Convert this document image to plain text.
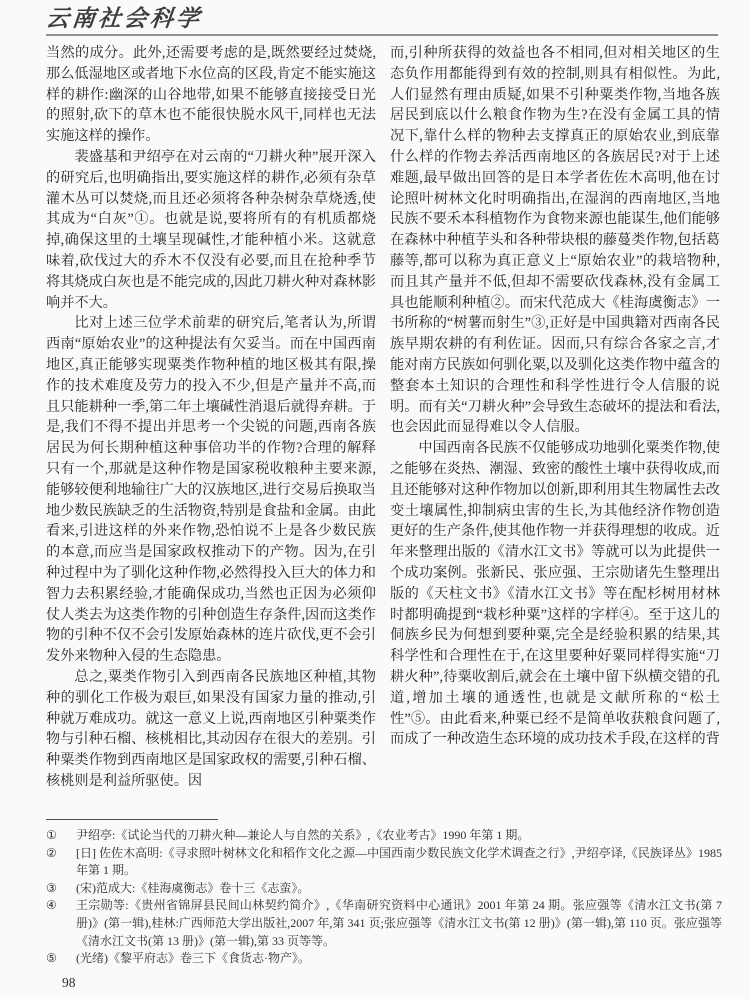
云南社会科学

当然的成分。此外,还需要考虑的是,既然要经过焚烧,那么低湿地区或者地下水位高的区段,肯定不能实施这样的耕作:幽深的山谷地带,如果不能够直接接受日光的照射,砍下的草木也不能很快脱水风干,同样也无法实施这样的操作。

裴盛基和尹绍亭在对云南的“刀耕火种”展开深入的研究后,也明确指出,要实施这样的耕作,必须有杂草灌木丛可以焚烧,而且还必须将各种杂树杂草烧透,使其成为“白灰”①。也就是说,要将所有的有机质都烧掉,确保这里的土壤呈现碱性,才能种植小米。这就意味着,砍伐过大的乔木不仅没有必要,而且在抢种季节将其烧成白灰也是不能完成的,因此刀耕火种对森林影响并不大。

比对上述三位学术前辈的研究后,笔者认为,所谓西南“原始农业”的这种提法有欠妥当。而在中国西南地区,真正能够实现粟类作物种植的地区极其有限,操作的技术难度及劳力的投入不少,但是产量并不高,而且只能耕种一季,第二年土壤碱性消退后就得弃耕。于是,我们不得不提出并思考一个尖锐的问题,西南各族居民为何长期种植这种事倍功半的作物?合理的解释只有一个,那就是这种作物是国家税收粮种主要来源,能够较便利地输往广大的汉族地区,进行交易后换取当地少数民族缺乏的生活物资,特别是食盐和金属。由此看来,引进这样的外来作物,恐怕说不上是各少数民族的本意,而应当是国家政权推动下的产物。因为,在引种过程中为了驯化这种作物,必然得投入巨大的体力和智力去积累经验,才能确保成功,当然也正因为必须仰仗人类去为这类作物的引种创造生存条件,因而这类作物的引种不仅不会引发原始森林的连片砍伐,更不会引发外来物种入侵的生态隐患。

总之,粟类作物引入到西南各民族地区种植,其物种的驯化工作极为艰巨,如果没有国家力量的推动,引种就万难成功。就这一意义上说,西南地区引种粟类作物与引种石榴、核桃相比,其动因存在很大的差别。引种粟类作物到西南地区是国家政权的需要,引种石榴、核桃则是利益所驱使。因

而,引种所获得的效益也各不相同,但对相关地区的生态负作用都能得到有效的控制,则具有相似性。为此,人们显然有理由质疑,如果不引种粟类作物,当地各族居民到底以什么粮食作物为生?在没有金属工具的情况下,靠什么样的物种去支撑真正的原始农业,到底靠什么样的作物去养活西南地区的各族居民?对于上述难题,最早做出回答的是日本学者佐佐木高明,他在讨论照叶树林文化时明确指出,在湿润的西南地区,当地民族不要禾本科植物作为食物来源也能谋生,他们能够在森林中种植芋头和各种带块根的藤蔓类作物,包括葛藤等,都可以称为真正意义上“原始农业”的栽培物种,而且其产量并不低,但却不需要砍伐森林,没有金属工具也能顺利种植②。而宋代范成大《桂海虞衡志》一书所称的“树薯而射生”③,正好是中国典籍对西南各民族早期农耕的有利佐证。因而,只有综合各家之言,才能对南方民族如何驯化粟,以及驯化这类作物中蕴含的整套本土知识的合理性和科学性进行令人信服的说明。而有关“刀耕火种”会导致生态破坏的提法和看法,也会因此而显得难以令人信服。

中国西南各民族不仅能够成功地驯化粟类作物,使之能够在炎热、潮湿、致密的酸性土壤中获得收成,而且还能够对这种作物加以创新,即利用其生物属性去改变土壤属性,抑制病虫害的生长,为其他经济作物创造更好的生产条件,使其他作物一并获得理想的收成。近年来整理出版的《清水江文书》等就可以为此提供一个成功案例。张新民、张应强、王宗勋诸先生整理出版的《天柱文书》《清水江文书》等在配杉树用材林时都明确提到“栽杉种粟”这样的字样④。至于这儿的侗族乡民为何想到要种粟,完全是经验积累的结果,其科学性和合理性在于,在这里要种好粟同样得实施“刀耕火种”,待粟收割后,就会在土壤中留下纵横交错的孔道,增加土壤的通透性,也就是文献所称的“松土性”⑤。由此看来,种粟已经不是简单收获粮食问题了,而成了一种改造生态环境的成功技术手段,在这样的背

①	尹绍亭:《试论当代的刀耕火种—兼论人与自然的关系》,《农业考古》1990 年第 1 期。
②	[日] 佐佐木高明:《寻求照叶树林文化和稻作文化之源—中国西南少数民族文化学术调查之行》,尹绍亭译,《民族译丛》1985 年第 1 期。
③	(宋)范成大:《桂海虞衡志》卷十三《志蛮》。
④	王宗勋等:《贵州省锦屏县民间山林契约简介》,《华南研究资料中心通讯》2001 年第 24 期。张应强等《清水江文书(第 7 册)》(第一辑),桂林:广西师范大学出版社,2007 年,第 341 页;张应强等《清水江文书(第 12 册)》(第一辑),第 110 页。张应强等《清水江文书(第 13 册)》(第一辑),第 33 页等等。
⑤	(光绪)《黎平府志》卷三下《食货志·物产》。
98
